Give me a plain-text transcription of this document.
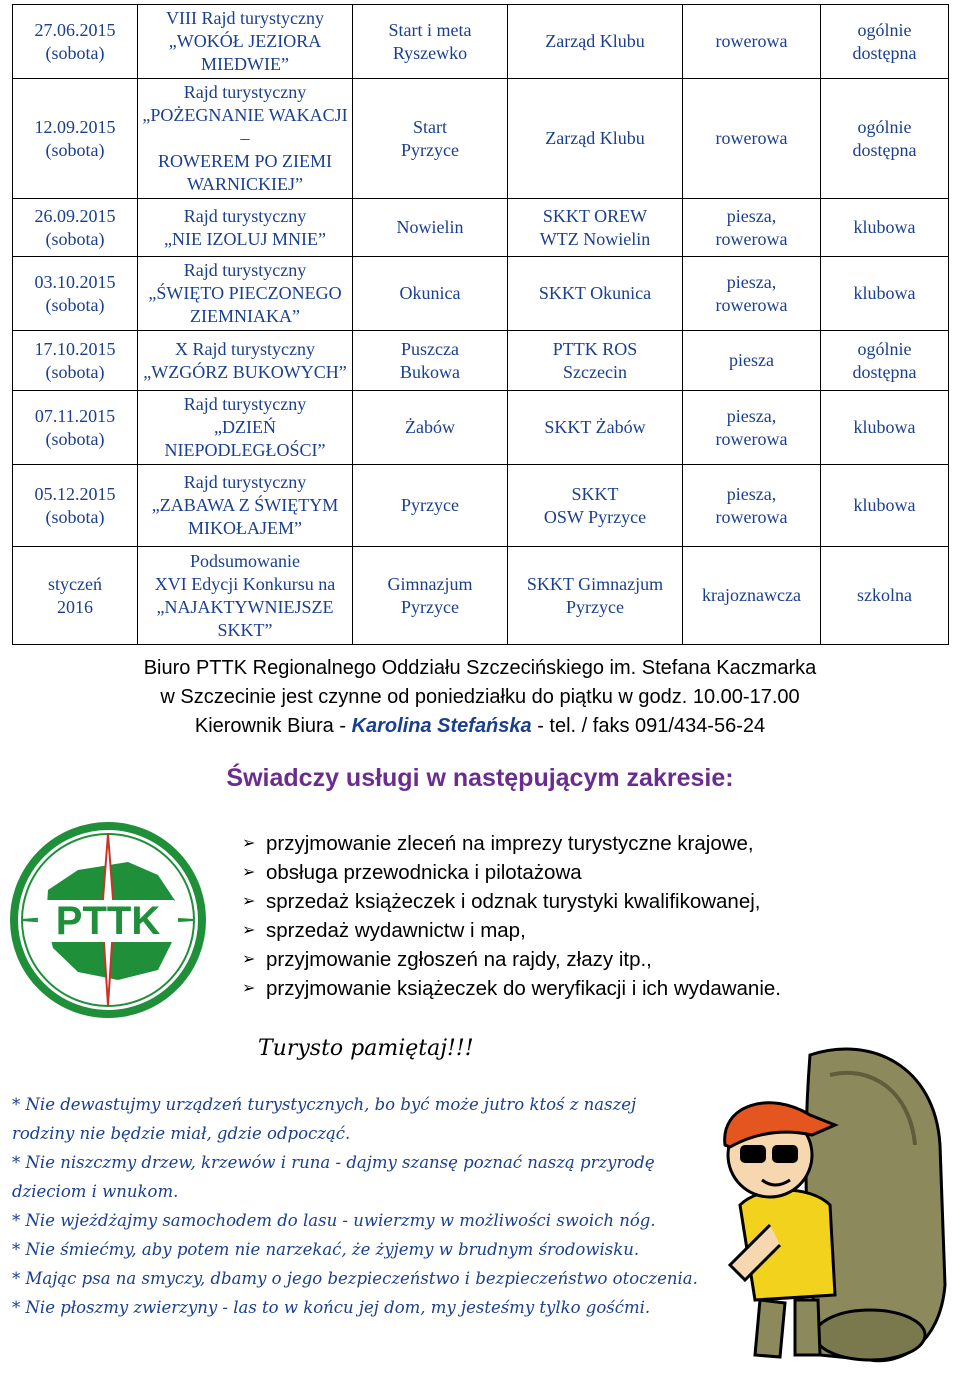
27.06.2015
(sobota)	VIII Rajd turystyczny
„WOKÓŁ JEZIORA
MIEDWIE”	Start i meta
Ryszewko	Zarząd Klubu	rowerowa	ogólnie
dostępna

12.09.2015
(sobota)	Rajd turystyczny
„POŻEGNANIE WAKACJI –
ROWEREM PO ZIEMI
WARNICKIEJ”	Start
Pyrzyce	Zarząd Klubu	rowerowa	ogólnie
dostępna

26.09.2015
(sobota)	Rajd turystyczny
„NIE IZOLUJ MNIE”	Nowielin	SKKT OREW
WTZ Nowielin	piesza,
rowerowa	klubowa

03.10.2015
(sobota)	Rajd turystyczny
„ŚWIĘTO PIECZONEGO
ZIEMNIAKA”	Okunica	SKKT Okunica	piesza,
rowerowa	klubowa

17.10.2015
(sobota)	X Rajd turystyczny
„WZGÓRZ BUKOWYCH”	Puszcza
Bukowa	PTTK ROS
Szczecin	piesza	ogólnie
dostępna

07.11.2015
(sobota)	Rajd turystyczny
„DZIEŃ NIEPODLEGŁOŚCI”	Żabów	SKKT Żabów	piesza,
rowerowa	klubowa

05.12.2015
(sobota)	Rajd turystyczny
„ZABAWA Z ŚWIĘTYM
MIKOŁAJEM”	Pyrzyce	SKKT
OSW Pyrzyce	piesza,
rowerowa	klubowa

styczeń
2016	Podsumowanie
XVI Edycji Konkursu na
„NAJAKTYWNIEJSZE
SKKT”	Gimnazjum
Pyrzyce	SKKT Gimnazjum
Pyrzyce	krajoznawcza	szkolna
Biuro PTTK Regionalnego Oddziału Szczecińskiego im. Stefana Kaczmarka
w Szczecinie jest czynne od poniedziałku do piątku w godz. 10.00-17.00
Kierownik Biura - Karolina Stefańska - tel. / faks 091/434-56-24
Świadczy usługi w następującym zakresie:
PTTK
➢ przyjmowanie zleceń na imprezy turystyczne krajowe,
➢ obsługa przewodnicka i pilotażowa
➢ sprzedaż książeczek i odznak turystyki kwalifikowanej,
➢ sprzedaż wydawnictw i map,
➢ przyjmowanie zgłoszeń na rajdy, złazy itp.,
➢ przyjmowanie książeczek do weryfikacji i ich wydawanie.
Turysto pamiętaj!!!

* Nie dewastujmy urządzeń turystycznych, bo być może jutro ktoś z naszej rodziny nie będzie miał, gdzie odpocząć.

* Nie niszczmy drzew, krzewów i runa - dajmy szansę poznać naszą przyrodę dzieciom i wnukom.

* Nie wjeżdżajmy samochodem do lasu - uwierzmy w możliwości swoich nóg.

* Nie śmiećmy, aby potem nie narzekać, że żyjemy w brudnym środowisku.

* Mając psa na smyczy, dbamy o jego bezpieczeństwo i bezpieczeństwo otoczenia.

* Nie płoszmy zwierzyny - las to w końcu jej dom, my jesteśmy tylko gośćmi.
